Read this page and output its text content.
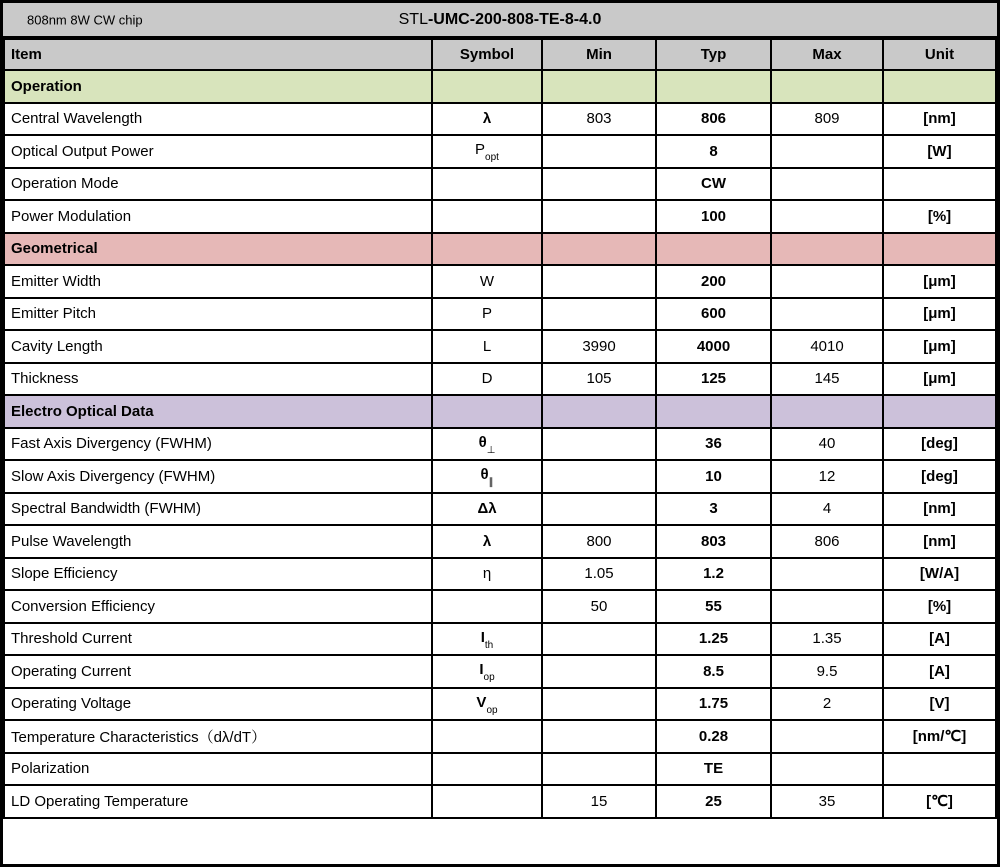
808nm 8W CW chip	STL-UMC-200-808-TE-8-4.0
Item	Symbol	Min	Typ	Max	Unit
Operation					
Central Wavelength	λ	803	806	809	[nm]
Optical Output Power	$P_{opt}$		8		[W]
Operation Mode			CW		
Power Modulation			100		[%]
Geometrical					
Emitter Width	W		200		[μm]
Emitter Pitch	P		600		[μm]
Cavity Length	L	3990	4000	4010	[μm]
Thickness	D	105	125	145	[μm]
Electro Optical Data					
Fast Axis Divergency (FWHM)	$\theta_\perp$		36	40	[deg]
Slow Axis Divergency (FWHM)	$\theta_\parallel$		10	12	[deg]
Spectral Bandwidth (FWHM)	Δλ		3	4	[nm]
Pulse Wavelength	λ	800	803	806	[nm]
Slope Efficiency	η	1.05	1.2		[W/A]
Conversion Efficiency		50	55		[%]
Threshold Current	$I_{th}$		1.25	1.35	[A]
Operating Current	$I_{op}$		8.5	9.5	[A]
Operating Voltage	$V_{op}$		1.75	2	[V]
Temperature Characteristics（dλ/dT）			0.28		[nm/℃]
Polarization			TE		
LD Operating Temperature		15	25	35	[℃]
